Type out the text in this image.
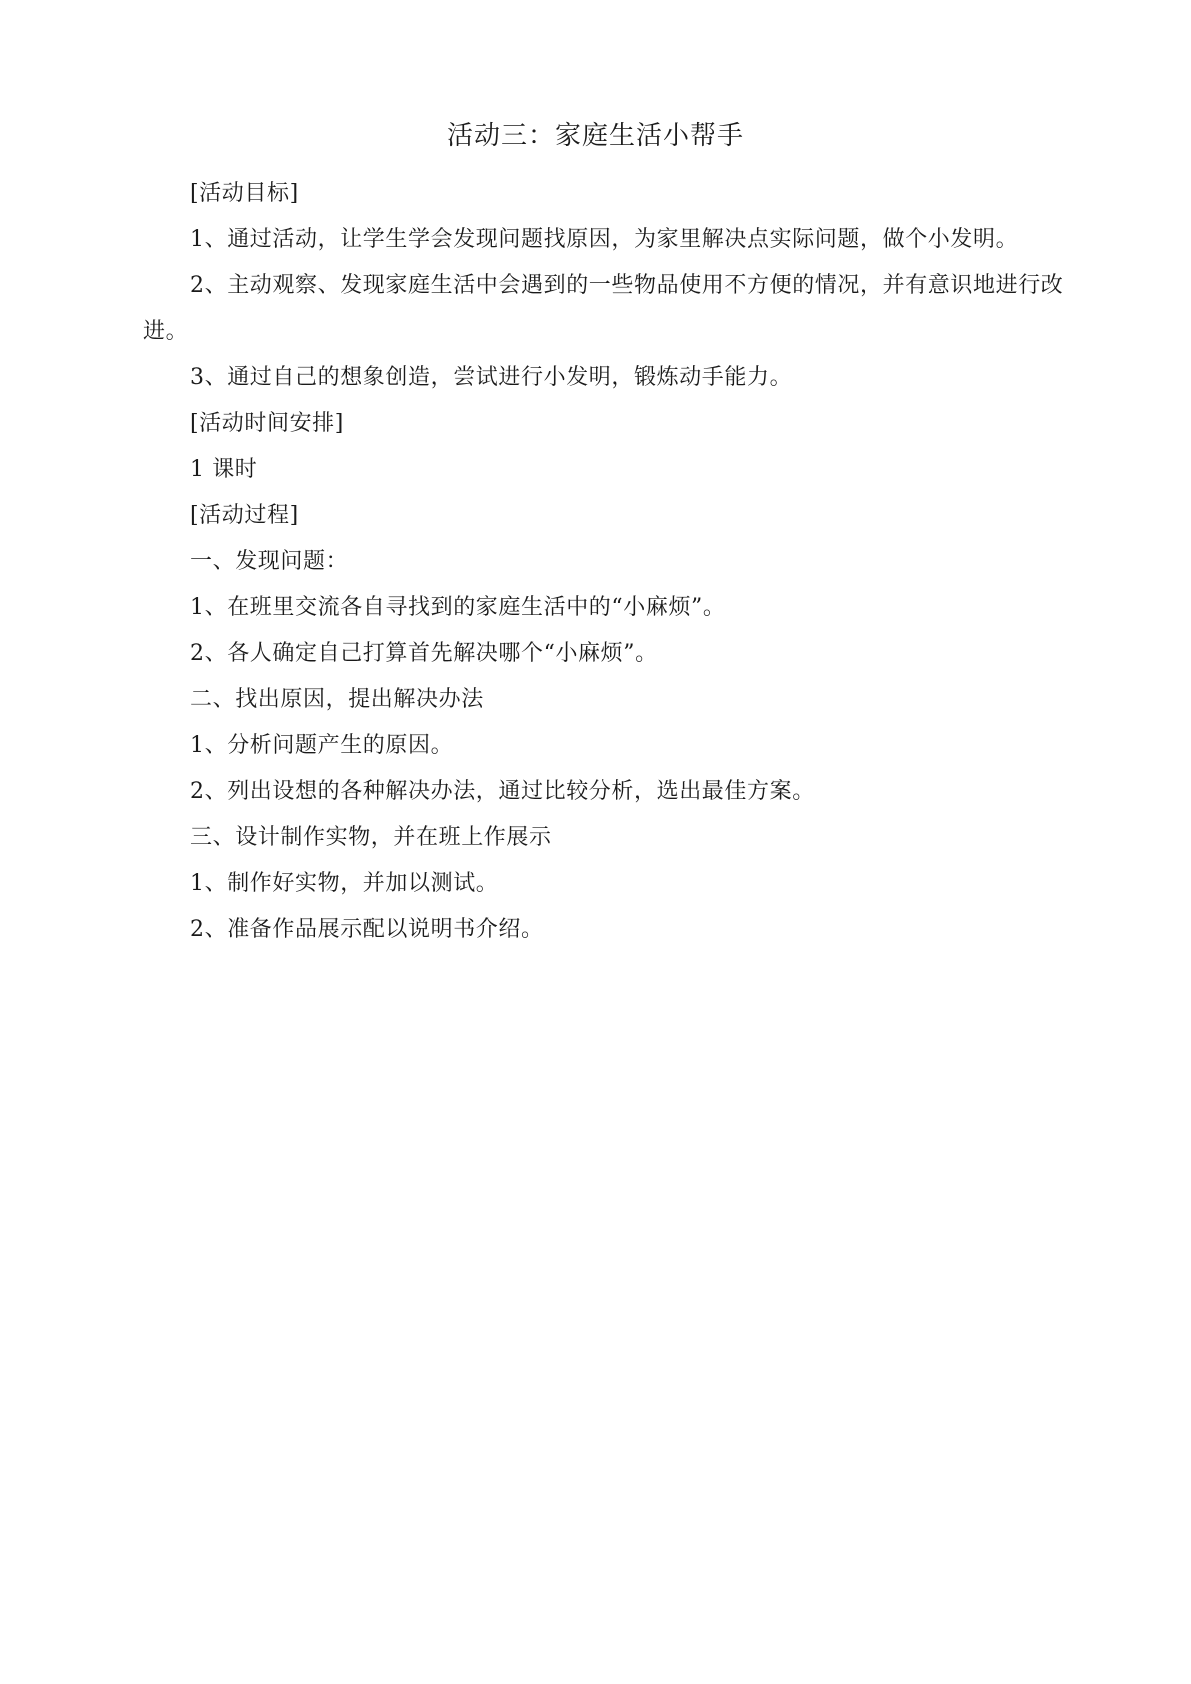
活动三：家庭生活小帮手

[活动目标]

1、通过活动，让学生学会发现问题找原因，为家里解决点实际问题，做个小发明。

2、主动观察、发现家庭生活中会遇到的一些物品使用不方便的情况，并有意识地进行改进。

3、通过自己的想象创造，尝试进行小发明，锻炼动手能力。

[活动时间安排]

1 课时

[活动过程]

一、发现问题：

1、在班里交流各自寻找到的家庭生活中的“小麻烦”。

2、各人确定自己打算首先解决哪个“小麻烦”。

二、找出原因，提出解决办法

1、分析问题产生的原因。

2、列出设想的各种解决办法，通过比较分析，选出最佳方案。

三、设计制作实物，并在班上作展示

1、制作好实物，并加以测试。

2、准备作品展示配以说明书介绍。
